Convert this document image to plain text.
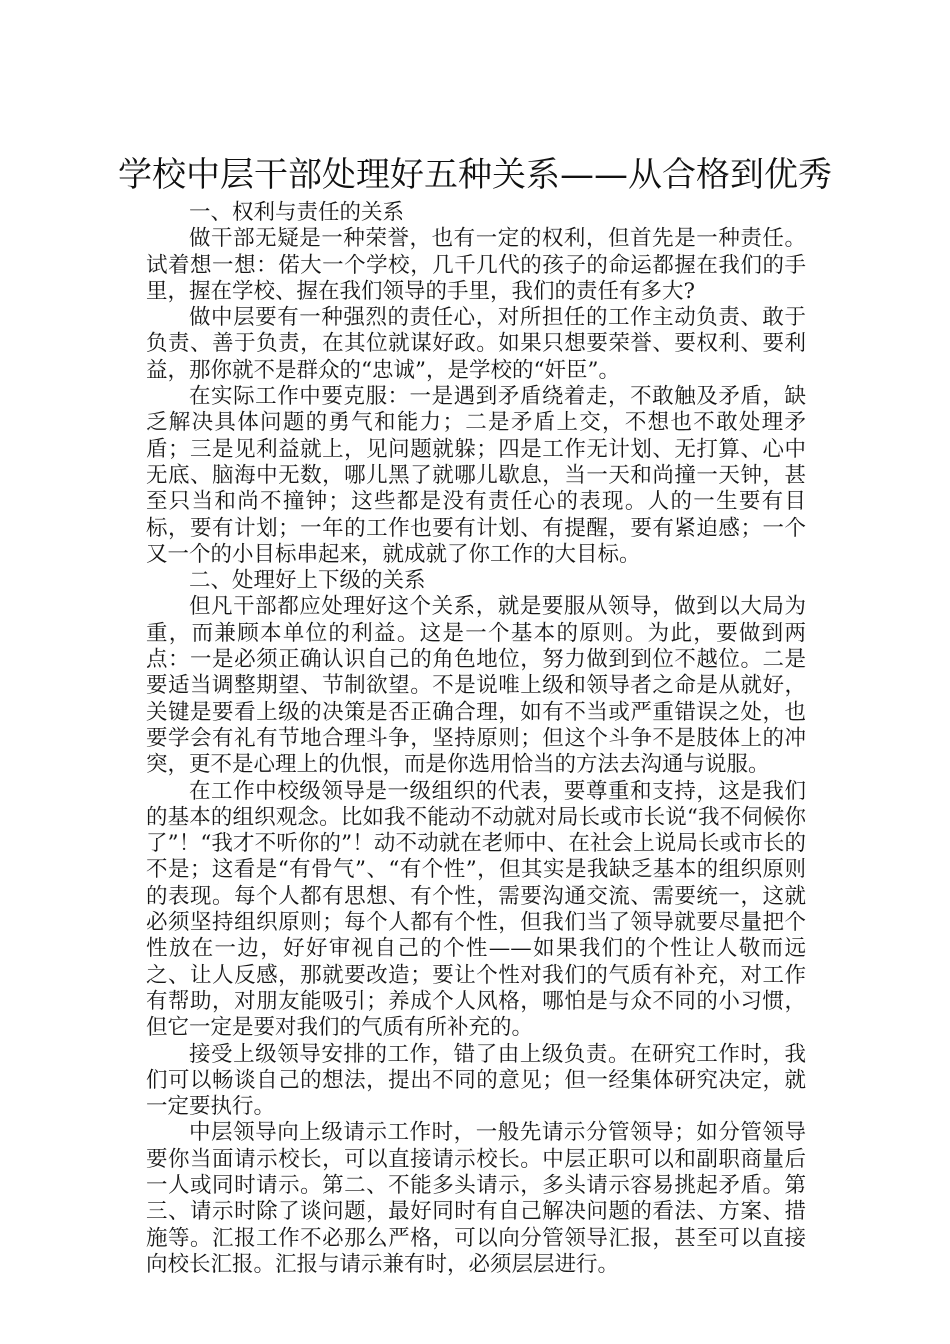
学校中层干部处理好五种关系——从合格到优秀

一、权利与责任的关系

做干部无疑是一种荣誉，也有一定的权利，但首先是一种责任。试着想一想：偌大一个学校，几千几代的孩子的命运都握在我们的手里，握在学校、握在我们领导的手里，我们的责任有多大?

做中层要有一种强烈的责任心，对所担任的工作主动负责、敢于负责、善于负责，在其位就谋好政。如果只想要荣誉、要权利、要利益，那你就不是群众的“忠诚”，是学校的“奸臣”。

在实际工作中要克服：一是遇到矛盾绕着走，不敢触及矛盾，缺乏解决具体问题的勇气和能力；二是矛盾上交，不想也不敢处理矛盾；三是见利益就上，见问题就躲；四是工作无计划、无打算、心中无底、脑海中无数，哪儿黑了就哪儿歇息，当一天和尚撞一天钟，甚至只当和尚不撞钟；这些都是没有责任心的表现。人的一生要有目标，要有计划；一年的工作也要有计划、有提醒，要有紧迫感；一个又一个的小目标串起来，就成就了你工作的大目标。

二、处理好上下级的关系

但凡干部都应处理好这个关系，就是要服从领导，做到以大局为重，而兼顾本单位的利益。这是一个基本的原则。为此，要做到两点：一是必须正确认识自己的角色地位，努力做到到位不越位。二是要适当调整期望、节制欲望。不是说唯上级和领导者之命是从就好，关键是要看上级的决策是否正确合理，如有不当或严重错误之处，也要学会有礼有节地合理斗争，坚持原则；但这个斗争不是肢体上的冲突，更不是心理上的仇恨，而是你选用恰当的方法去沟通与说服。

在工作中校级领导是一级组织的代表，要尊重和支持，这是我们的基本的组织观念。比如我不能动不动就对局长或市长说“我不伺候你了”！“我才不听你的”！动不动就在老师中、在社会上说局长或市长的不是；这看是“有骨气”、“有个性”，但其实是我缺乏基本的组织原则的表现。每个人都有思想、有个性，需要沟通交流、需要统一，这就必须坚持组织原则；每个人都有个性，但我们当了领导就要尽量把个性放在一边，好好审视自己的个性——如果我们的个性让人敬而远之、让人反感，那就要改造；要让个性对我们的气质有补充，对工作有帮助，对朋友能吸引；养成个人风格，哪怕是与众不同的小习惯，但它一定是要对我们的气质有所补充的。

接受上级领导安排的工作，错了由上级负责。在研究工作时，我们可以畅谈自己的想法，提出不同的意见；但一经集体研究决定，就一定要执行。

中层领导向上级请示工作时，一般先请示分管领导；如分管领导要你当面请示校长，可以直接请示校长。中层正职可以和副职商量后一人或同时请示。第二、不能多头请示，多头请示容易挑起矛盾。第三、请示时除了谈问题，最好同时有自己解决问题的看法、方案、措施等。汇报工作不必那么严格，可以向分管领导汇报，甚至可以直接向校长汇报。汇报与请示兼有时，必须层层进行。
